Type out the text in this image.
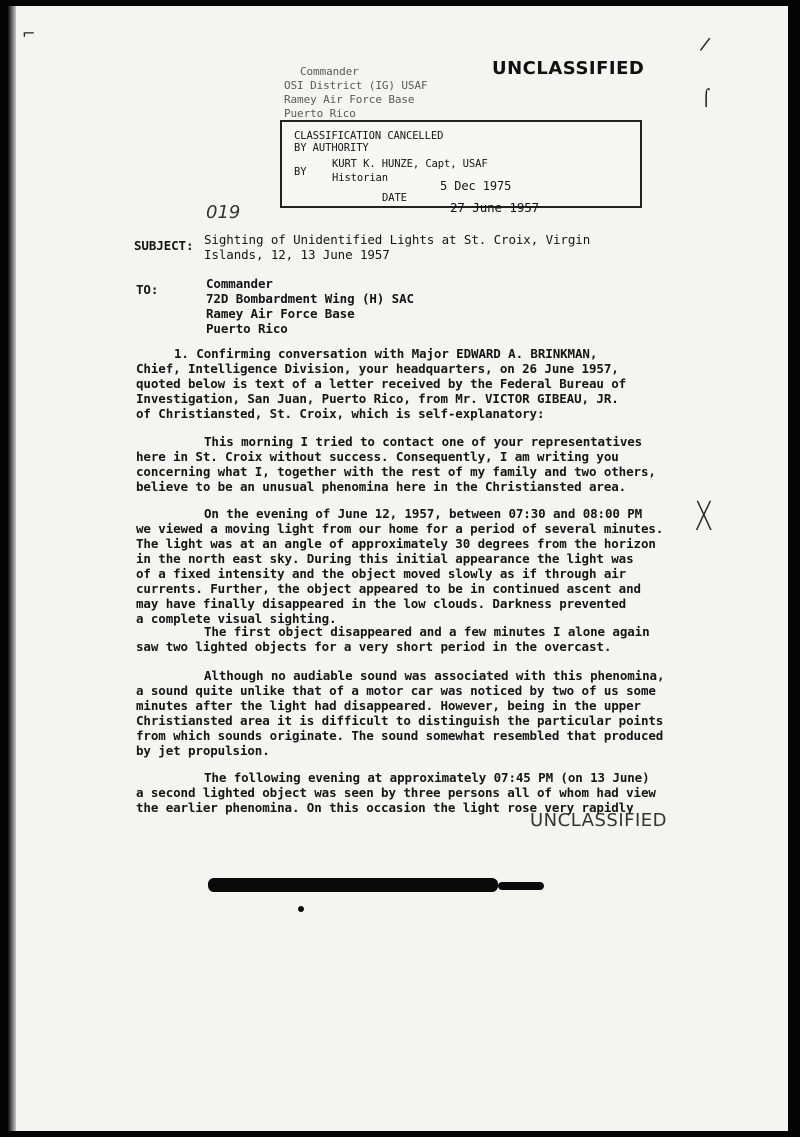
⌐
/
⌠
Commander
OSI District (IG) USAF
Ramey Air Force Base
Puerto Rico
UNCLASSIFIED
CLASSIFICATION CANCELLED
BY AUTHORITY
BY
KURT K. HUNZE, Capt, USAF
Historian
5 Dec 1975
DATE
27 June 1957
019
SUBJECT: Sighting of Unidentified Lights at St. Croix, Virgin
Islands, 12, 13 June 1957
TO:	Commander
72D Bombardment Wing (H) SAC
Ramey Air Force Base
Puerto Rico
1. Confirming conversation with Major EDWARD A. BRINKMAN,
Chief, Intelligence Division, your headquarters, on 26 June 1957,
quoted below is text of a letter received by the Federal Bureau of
Investigation, San Juan, Puerto Rico, from Mr. VICTOR GIBEAU, JR.
of Christiansted, St. Croix, which is self-explanatory:
This morning I tried to contact one of your representatives
here in St. Croix without success. Consequently, I am writing you
concerning what I, together with the rest of my family and two others,
believe to be an unusual phenomina here in the Christiansted area.
On the evening of June 12, 1957, between 07:30 and 08:00 PM
we viewed a moving light from our home for a period of several minutes.
The light was at an angle of approximately 30 degrees from the horizon
in the north east sky. During this initial appearance the light was
of a fixed intensity and the object moved slowly as if through air
currents. Further, the object appeared to be in continued ascent and
may have finally disappeared in the low clouds. Darkness prevented
a complete visual sighting.
X
The first object disappeared and a few minutes I alone again
saw two lighted objects for a very short period in the overcast.
Although no audiable sound was associated with this phenomina,
a sound quite unlike that of a motor car was noticed by two of us some
minutes after the light had disappeared. However, being in the upper
Christiansted area it is difficult to distinguish the particular points
from which sounds originate. The sound somewhat resembled that produced
by jet propulsion.
The following evening at approximately 07:45 PM (on 13 June)
a second lighted object was seen by three persons all of whom had view
the earlier phenomina. On this occasion the light rose very rapidly
UNCLASSIFIED
